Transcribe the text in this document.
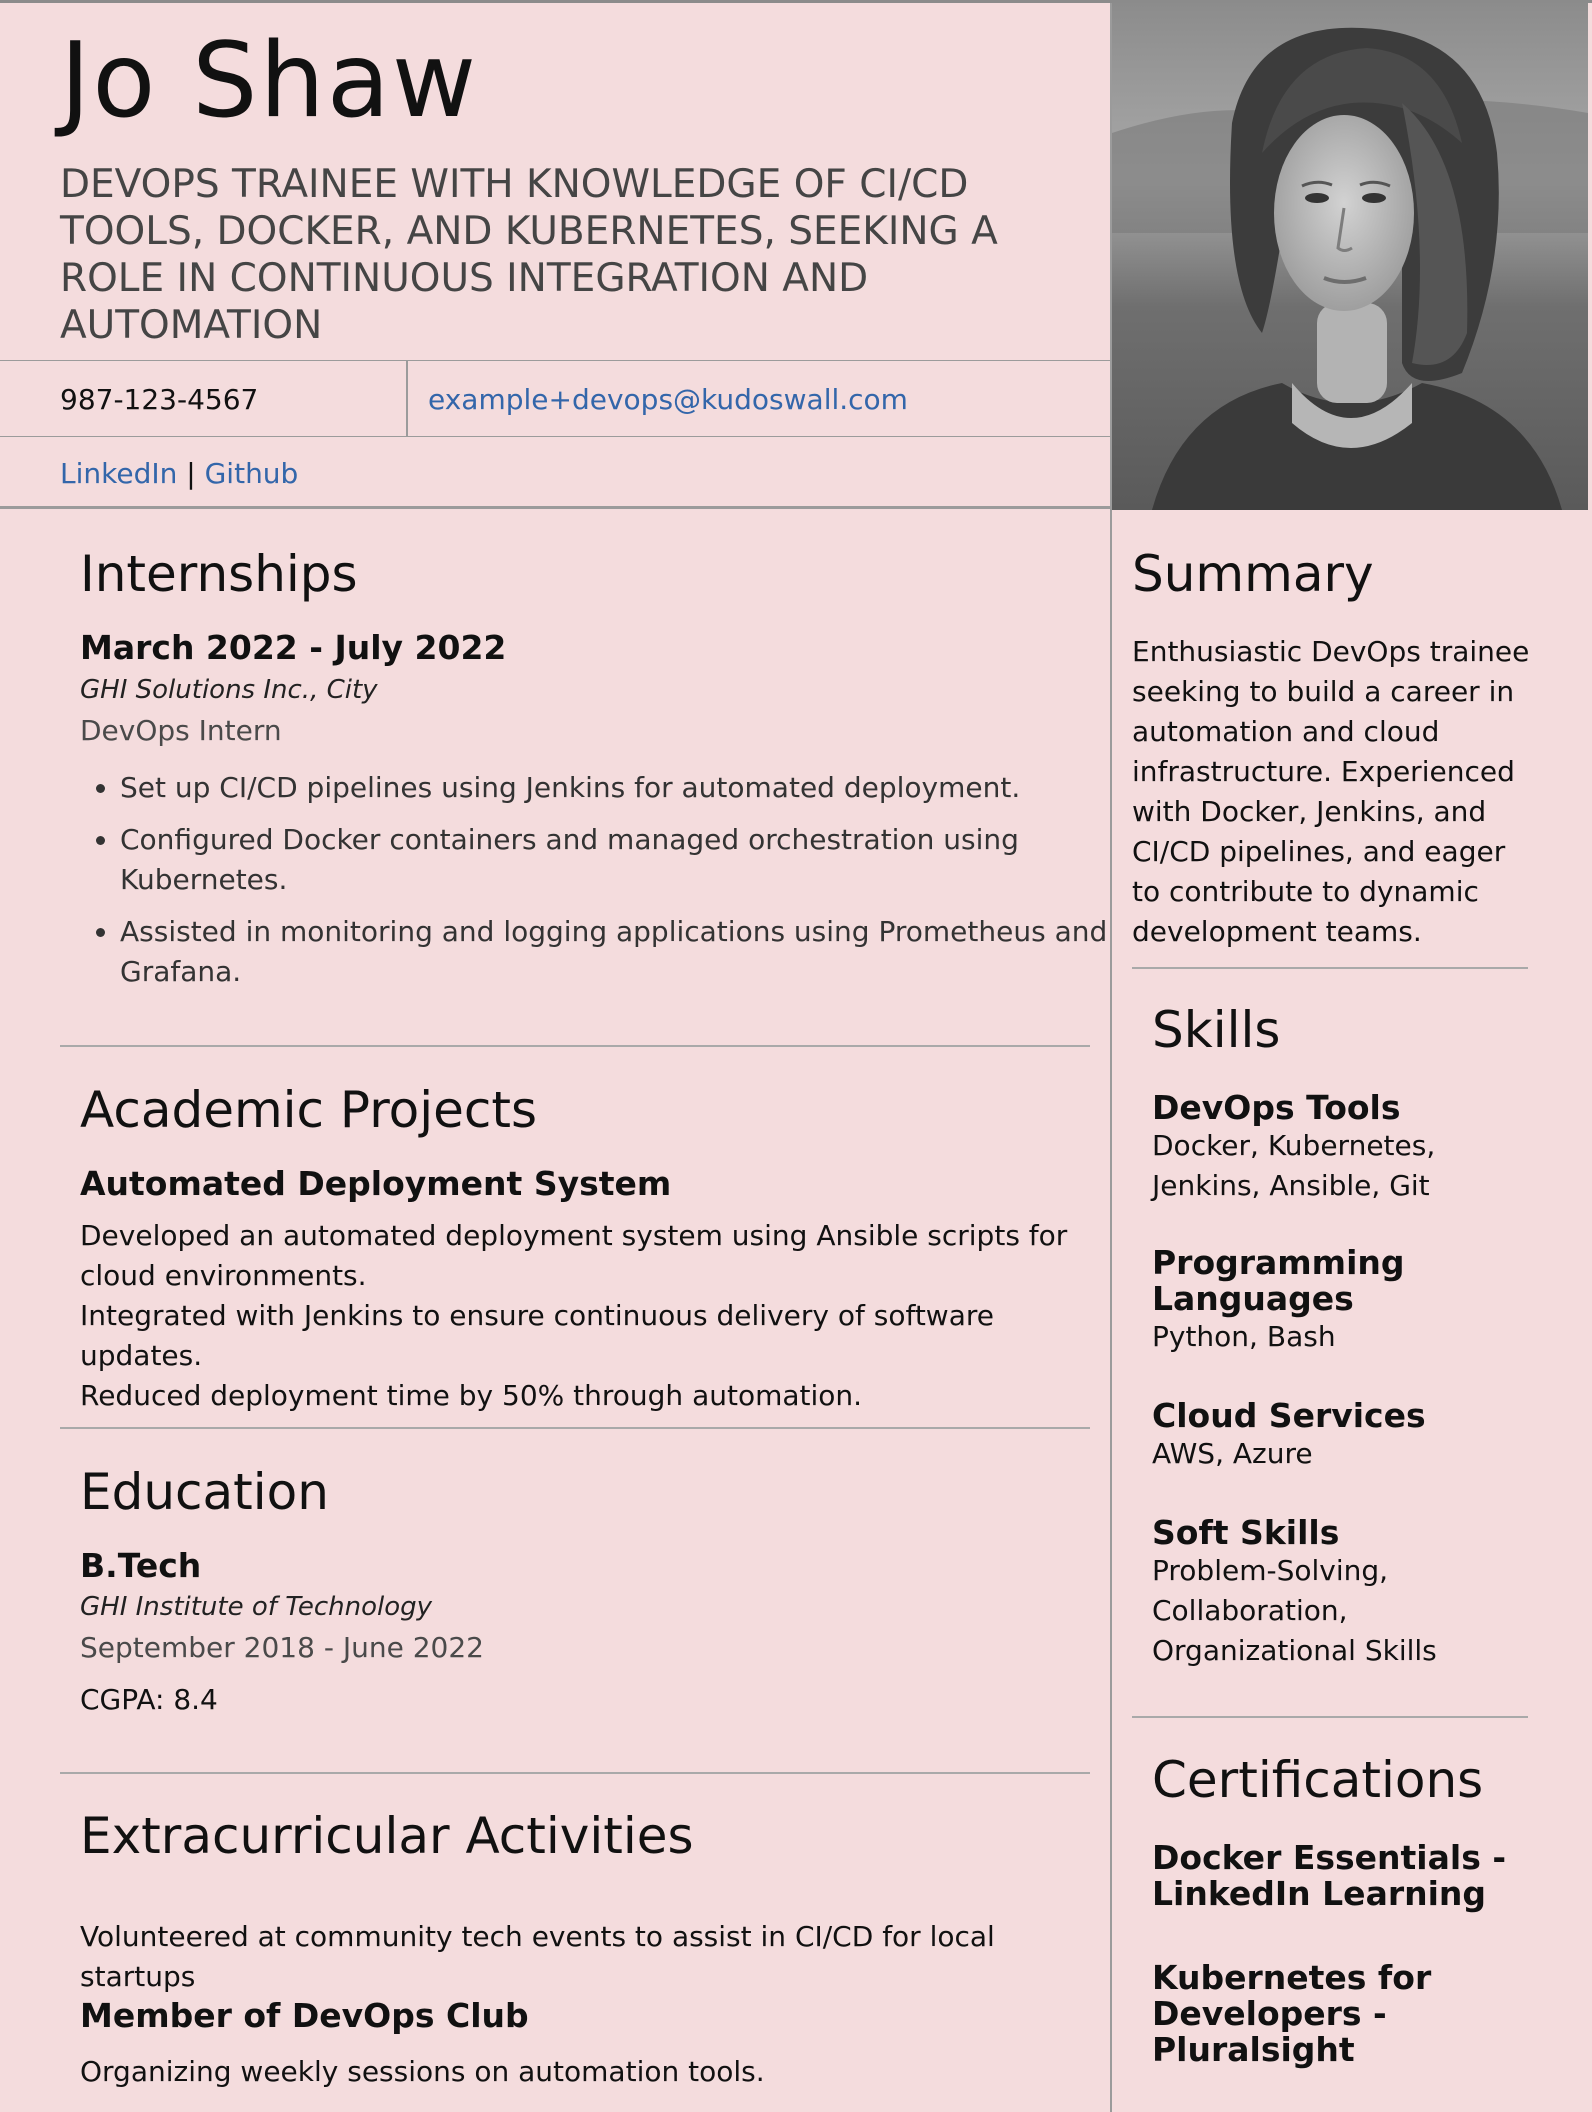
Jo Shaw

DEVOPS TRAINEE WITH KNOWLEDGE OF CI/CD TOOLS, DOCKER, AND KUBERNETES, SEEKING A ROLE IN CONTINUOUS INTEGRATION AND AUTOMATION

987-123-4567	example+devops@kudoswall.com
LinkedIn | Github
Internships
March 2022 - July 2022
GHI Solutions Inc., City
DevOps Intern
• Set up CI/CD pipelines using Jenkins for automated deployment.
• Configured Docker containers and managed orchestration using Kubernetes.
• Assisted in monitoring and logging applications using Prometheus and Grafana.
Academic Projects
Automated Deployment System
Developed an automated deployment system using Ansible scripts for cloud environments.
Integrated with Jenkins to ensure continuous delivery of software updates.
Reduced deployment time by 50% through automation.
Education
B.Tech
GHI Institute of Technology
September 2018 - June 2022
CGPA: 8.4
Extracurricular Activities
Volunteered at community tech events to assist in CI/CD for local startups
Member of DevOps Club
Organizing weekly sessions on automation tools.
Summary
Enthusiastic DevOps trainee seeking to build a career in automation and cloud infrastructure. Experienced with Docker, Jenkins, and CI/CD pipelines, and eager to contribute to dynamic development teams.
Skills
DevOps Tools
Docker, Kubernetes, Jenkins, Ansible, Git
Programming Languages
Python, Bash
Cloud Services
AWS, Azure
Soft Skills
Problem-Solving, Collaboration, Organizational Skills
Certifications
Docker Essentials - LinkedIn Learning
Kubernetes for Developers - Pluralsight
